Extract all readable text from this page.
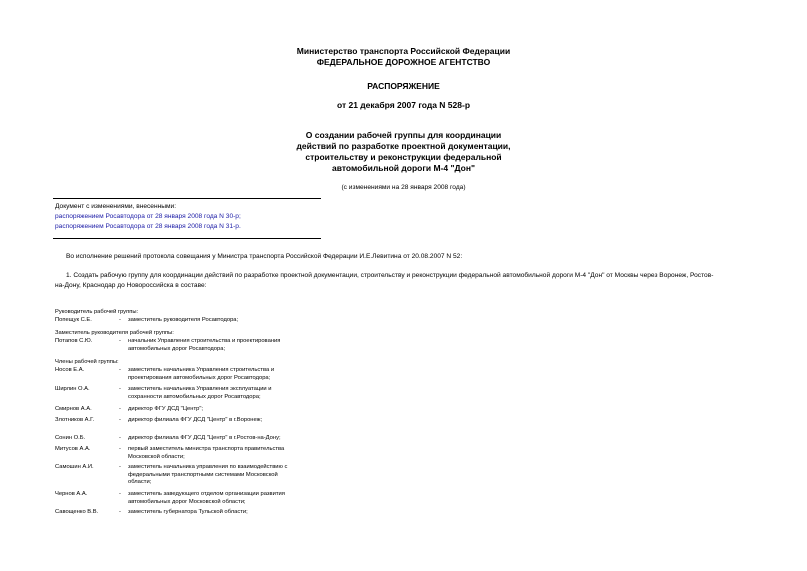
Министерство транспорта Российской Федерации
ФЕДЕРАЛЬНОЕ ДОРОЖНОЕ АГЕНТСТВО
РАСПОРЯЖЕНИЕ
от 21 декабря 2007 года N 528-р
О создании рабочей группы для координации
действий по разработке проектной документации,
строительству и реконструкции федеральной
автомобильной дороги М-4 "Дон"
(с изменениями на 28 января 2008 года)
Документ с изменениями, внесенными:
распоряжением Росавтодора от 28 января 2008 года N 30-р;
распоряжением Росавтодора от 28 января 2008 года N 31-р.
Во исполнение решений протокола совещания у Министра транспорта Российской Федерации И.Е.Левитина от 20.08.2007 N 52:
1. Создать рабочую группу для координации действий по разработке проектной документации, строительству и реконструкции федеральной автомобильной дороги М-4 "Дон" от Москвы через Воронеж, Ростов-
на-Дону, Краснодар до Новороссийска в составе:
Руководитель рабочей группы:
Попещук С.Е.	- заместитель руководителя Росавтодора;
Заместитель руководителя рабочей группы:
Потапов С.Ю.	- начальник Управления строительства и проектирования
автомобильных дорог Росавтодора;
Члены рабочей группы:
Носов Е.А.	- заместитель начальника Управления строительства и
проектирования автомобильных дорог Росавтодора;
Ширлин О.А.	- заместитель начальника Управления эксплуатации и
сохранности автомобильных дорог Росавтодора;
Смирнов А.А.	- директор ФГУ ДСД "Центр";
Злотников А.Г.	- директор филиала ФГУ ДСД "Центр" в г.Воронеж;
Сонин О.Б.	- директор филиала ФГУ ДСД "Центр" в г.Ростов-на-Дону;
Митусов А.А.	- первый заместитель министра транспорта правительства
Московской области;
Самошин А.И.	- заместитель начальника управления по взаимодействию с
федеральными транспортными системами Московской
области;
Чернов А.А.	- заместитель заведующего отделом организации развития
автомобильных дорог Московской области;
Савощенко В.В.	- заместитель губернатора Тульской области;
